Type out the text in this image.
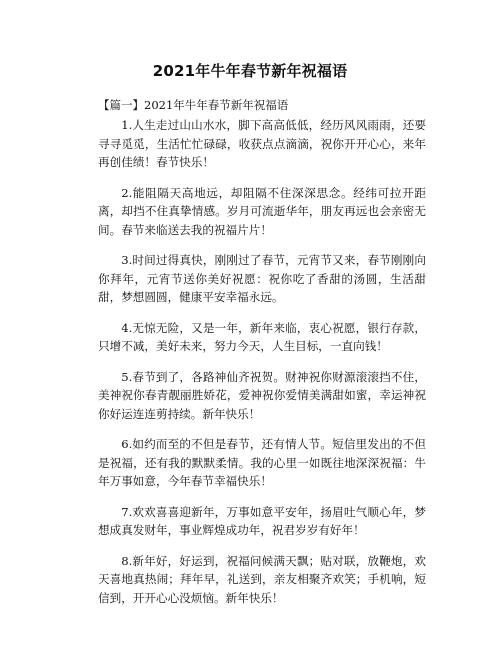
2021年牛年春节新年祝福语

【篇一】2021年牛年春节新年祝福语

1.人生走过山山水水，脚下高高低低，经历风风雨雨，还要寻寻觅觅，生活忙忙碌碌，收获点点滴滴，祝你开开心心，来年再创佳绩！春节快乐！

2.能阻隔天高地远，却阻隔不住深深思念。经纬可拉开距离，却挡不住真挚情感。岁月可流逝华年，朋友再远也会亲密无间。春节来临送去我的祝福片片！

3.时间过得真快，刚刚过了春节，元宵节又来，春节刚刚向你拜年，元宵节送你美好祝愿：祝你吃了香甜的汤圆，生活甜甜，梦想圆圆，健康平安幸福永远。

4.无惊无险，又是一年，新年来临，衷心祝愿，银行存款，只增不减，美好未来，努力今天，人生目标，一直向钱！

5.春节到了，各路神仙齐祝贺。财神祝你财源滚滚挡不住，美神祝你春青靓丽胜娇花，爱神祝你爱情美满甜如蜜，幸运神祝你好运连连剪持续。新年快乐！

6.如约而至的不但是春节，还有情人节。短信里发出的不但是祝福，还有我的默默柔情。我的心里一如既往地深深祝福：牛年万事如意，今年春节幸福快乐！

7.欢欢喜喜迎新年，万事如意平安年，扬眉吐气顺心年，梦想成真发财年，事业辉煌成功年，祝君岁岁有好年！

8.新年好，好运到，祝福问候满天飘；贴对联，放鞭炮，欢天喜地真热闹；拜年早，礼送到，亲友相聚齐欢笑；手机响，短信到，开开心心没烦恼。新年快乐！
